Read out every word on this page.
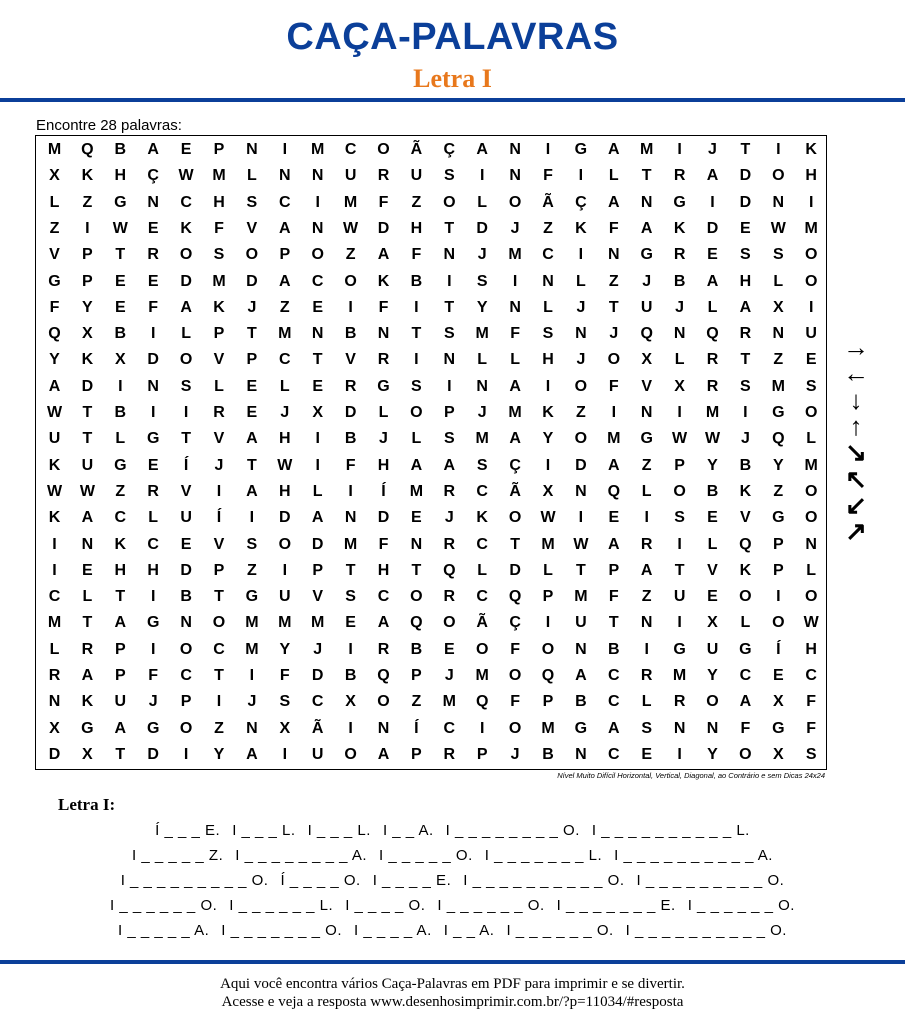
CAÇA-PALAVRAS
Letra I
Encontre 28 palavras:
M	Q	B	A	E	P	N	I	M	C	O	Ã	Ç	A	N	I	G	A	M	I	J	T	I	K
X	K	H	Ç	W	M	L	N	N	U	R	U	S	I	N	F	I	L	T	R	A	D	O	H
L	Z	G	N	C	H	S	C	I	M	F	Z	O	L	O	Ã	Ç	A	N	G	I	D	N	I
Z	I	W	E	K	F	V	A	N	W	D	H	T	D	J	Z	K	F	A	K	D	E	W	M
V	P	T	R	O	S	O	P	O	Z	A	F	N	J	M	C	I	N	G	R	E	S	S	O
G	P	E	E	D	M	D	A	C	O	K	B	I	S	I	N	L	Z	J	B	A	H	L	O
F	Y	E	F	A	K	J	Z	E	I	F	I	T	Y	N	L	J	T	U	J	L	A	X	I
Q	X	B	I	L	P	T	M	N	B	N	T	S	M	F	S	N	J	Q	N	Q	R	N	U
Y	K	X	D	O	V	P	C	T	V	R	I	N	L	L	H	J	O	X	L	R	T	Z	E
A	D	I	N	S	L	E	L	E	R	G	S	I	N	A	I	O	F	V	X	R	S	M	S
W	T	B	I	I	R	E	J	X	D	L	O	P	J	M	K	Z	I	N	I	M	I	G	O
U	T	L	G	T	V	A	H	I	B	J	L	S	M	A	Y	O	M	G	W	W	J	Q	L
K	U	G	E	Í	J	T	W	I	F	H	A	A	S	Ç	I	D	A	Z	P	Y	B	Y	M
W	W	Z	R	V	I	A	H	L	I	Í	M	R	C	Ã	X	N	Q	L	O	B	K	Z	O
K	A	C	L	U	Í	I	D	A	N	D	E	J	K	O	W	I	E	I	S	E	V	G	O
I	N	K	C	E	V	S	O	D	M	F	N	R	C	T	M	W	A	R	I	L	Q	P	N
I	E	H	H	D	P	Z	I	P	T	H	T	Q	L	D	L	T	P	A	T	V	K	P	L
C	L	T	I	B	T	G	U	V	S	C	O	R	C	Q	P	M	F	Z	U	E	O	I	O
M	T	A	G	N	O	M	M	M	E	A	Q	O	Ã	Ç	I	U	T	N	I	X	L	O	W
L	R	P	I	O	C	M	Y	J	I	R	B	E	O	F	O	N	B	I	G	U	G	Í	H
R	A	P	F	C	T	I	F	D	B	Q	P	J	M	O	Q	A	C	R	M	Y	C	E	C
N	K	U	J	P	I	J	S	C	X	O	Z	M	Q	F	P	B	C	L	R	O	A	X	F
X	G	A	G	O	Z	N	X	Ã	I	N	Í	C	I	O	M	G	A	S	N	N	F	G	F
D	X	T	D	I	Y	A	I	U	O	A	P	R	P	J	B	N	C	E	I	Y	O	X	S
Nível Muito Difícil Horizontal, Vertical, Diagonal, ao Contrário e sem Dicas 24x24
→
←
↓
↑
↘
↖
↙
↗
Letra I:
Í _ _ _ E. I _ _ _ L. I _ _ _ L. I _ _ A. I _ _ _ _ _ _ _ _ O. I _ _ _ _ _ _ _ _ _ _ L.
I _ _ _ _ _ Z. I _ _ _ _ _ _ _ _ A. I _ _ _ _ _ O. I _ _ _ _ _ _ _ L. I _ _ _ _ _ _ _ _ _ _ A.
I _ _ _ _ _ _ _ _ _ O. Í _ _ _ _ O. I _ _ _ _ E. I _ _ _ _ _ _ _ _ _ _ O. I _ _ _ _ _ _ _ _ _ O.
I _ _ _ _ _ _ O. I _ _ _ _ _ _ L. I _ _ _ _ O. I _ _ _ _ _ _ O. I _ _ _ _ _ _ _ E. I _ _ _ _ _ _ O.
I _ _ _ _ _ A. I _ _ _ _ _ _ _ O. I _ _ _ _ A. I _ _ A. I _ _ _ _ _ _ O. I _ _ _ _ _ _ _ _ _ _ O.
Aqui você encontra vários Caça-Palavras em PDF para imprimir e se divertir.
Acesse e veja a resposta www.desenhosimprimir.com.br/?p=11034/#resposta
